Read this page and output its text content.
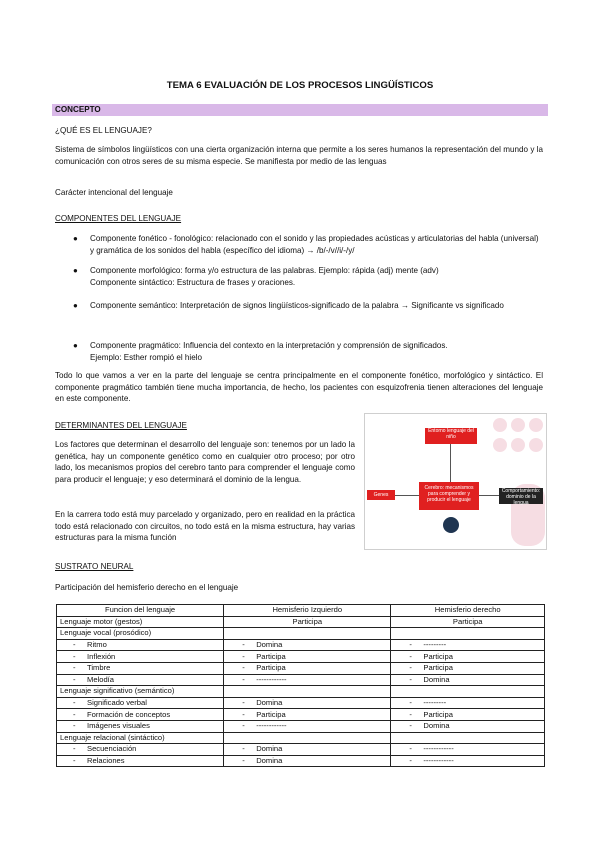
TEMA 6 EVALUACIÓN DE LOS PROCESOS LINGÜÍSTICOS
CONCEPTO
¿QUÉ ES EL LENGUAJE?
Sistema de símbolos lingüísticos con una cierta organización interna que permite a los seres humanos la representación del mundo y la comunicación con otros seres de su misma especie. Se manifiesta por medio de las lenguas
Carácter intencional del lenguaje
COMPONENTES DEL LENGUAJE
● Componente fonético - fonológico: relacionado con el sonido y las propiedades acústicas y articulatorias del habla (universal) y gramática de los sonidos del habla (específico del idioma) → /b/-/v//i/-/y/
● Componente morfológico: forma y/o estructura de las palabras. Ejemplo: rápida (adj) mente (adv)
Componente sintáctico: Estructura de frases y oraciones.
● Componente semántico: Interpretación de signos lingüísticos-significado de la palabra → Significante vs significado
● Componente pragmático: Influencia del contexto en la interpretación y comprensión de significados.
Ejemplo: Esther rompió el hielo
Todo lo que vamos a ver en la parte del lenguaje se centra principalmente en el componente fonético, morfológico y sintáctico. El componente pragmático también tiene mucha importancia, de hecho, los pacientes con esquizofrenia tienen alteraciones del lenguaje en este componente.
DETERMINANTES DEL LENGUAJE
Los factores que determinan el desarrollo del lenguaje son: tenemos por un lado la genética, hay un componente genético como en cualquier otro proceso; por otro lado, los mecanismos propios del cerebro tanto para comprender el lenguaje como para producir el lenguaje; y eso determinará el dominio de la lengua.
En la carrera todo está muy parcelado y organizado, pero en realidad en la práctica todo está relacionado con circuitos, no todo está en la misma estructura, hay varias estructuras para la misma función
Entorno lenguaje del niño
Genes
Cerebro: mecanismos para comprender y producir el lenguaje
Comportamiento: dominio de la lengua
SUSTRATO NEURAL
Participación del hemisferio derecho en el lenguaje
Funcion del lenguaje	Hemisferio Izquierdo	Hemisferio derecho
Lenguaje motor (gestos)	Participa	Participa
Lenguaje vocal (prosódico)		

- Ritmo	- Domina	- ---------

- Inflexión	- Participa	- Participa

- Timbre	- Participa	- Participa

- Melodía	- ------------	- Domina
Lenguaje significativo (semántico)		

- Significado verbal	- Domina	- ---------

- Formación de conceptos	- Participa	- Participa

- Imágenes visuales	- ------------	- Domina
Lenguaje relacional (sintáctico)		

- Secuenciación	- Domina	- ------------

- Relaciones	- Domina	- ------------
